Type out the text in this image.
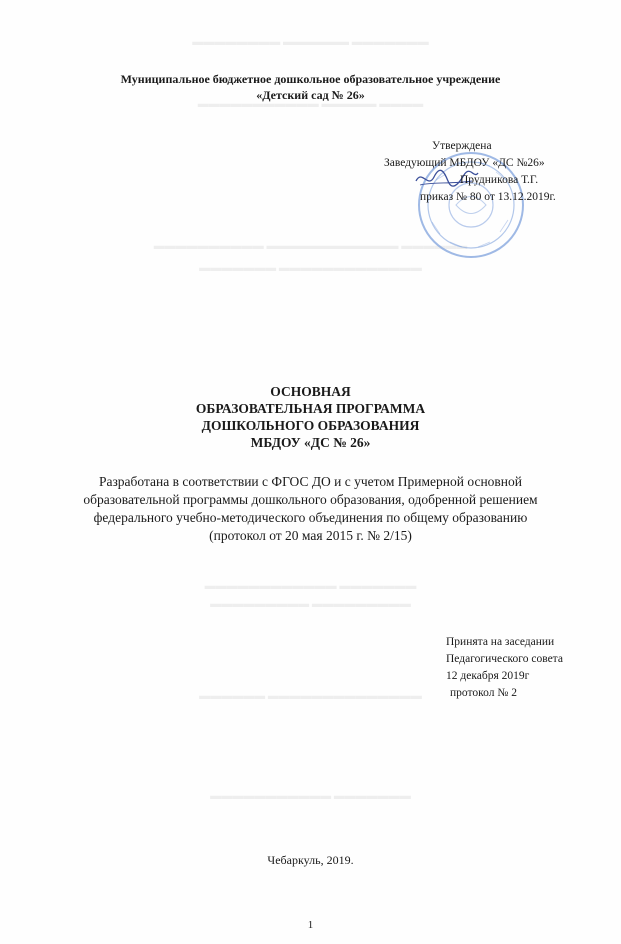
▬▬▬▬▬▬▬▬ ▬▬▬▬▬▬ ▬▬▬▬▬▬▬
▬▬▬▬▬▬▬▬▬▬▬ ▬▬▬▬▬ ▬▬▬▬
▬▬▬▬▬▬▬▬▬▬ ▬▬▬▬▬▬▬▬▬▬▬▬ ▬▬▬▬▬▬
▬▬▬▬▬▬▬ ▬▬▬▬▬▬▬▬▬▬▬▬▬
▬▬▬▬▬▬▬▬▬▬▬▬ ▬▬▬▬▬▬▬
▬▬▬▬▬▬▬▬▬ ▬▬▬▬▬▬▬▬▬
▬▬▬▬▬▬ ▬▬▬▬▬▬▬▬▬▬▬▬▬▬
▬▬▬▬▬▬▬▬▬▬▬ ▬▬▬▬▬▬▬
Муниципальное бюджетное дошкольное образовательное учреждение
«Детский сад № 26»
Утверждена
Заведующий МБДОУ «ДС №26»
Прудникова Т.Г.
приказ № 80 от 13.12.2019г.
ОСНОВНАЯ
ОБРАЗОВАТЕЛЬНАЯ ПРОГРАММА
ДОШКОЛЬНОГО ОБРАЗОВАНИЯ
МБДОУ «ДС № 26»
Разработана в соответствии с ФГОС ДО и с учетом Примерной основной
образовательной программы дошкольного образования, одобренной решением
федерального учебно-методического объединения по общему образованию
(протокол от 20 мая 2015 г. № 2/15)
Принята на заседании
Педагогического совета
12 декабря 2019г
протокол № 2
Чебаркуль, 2019.
1
